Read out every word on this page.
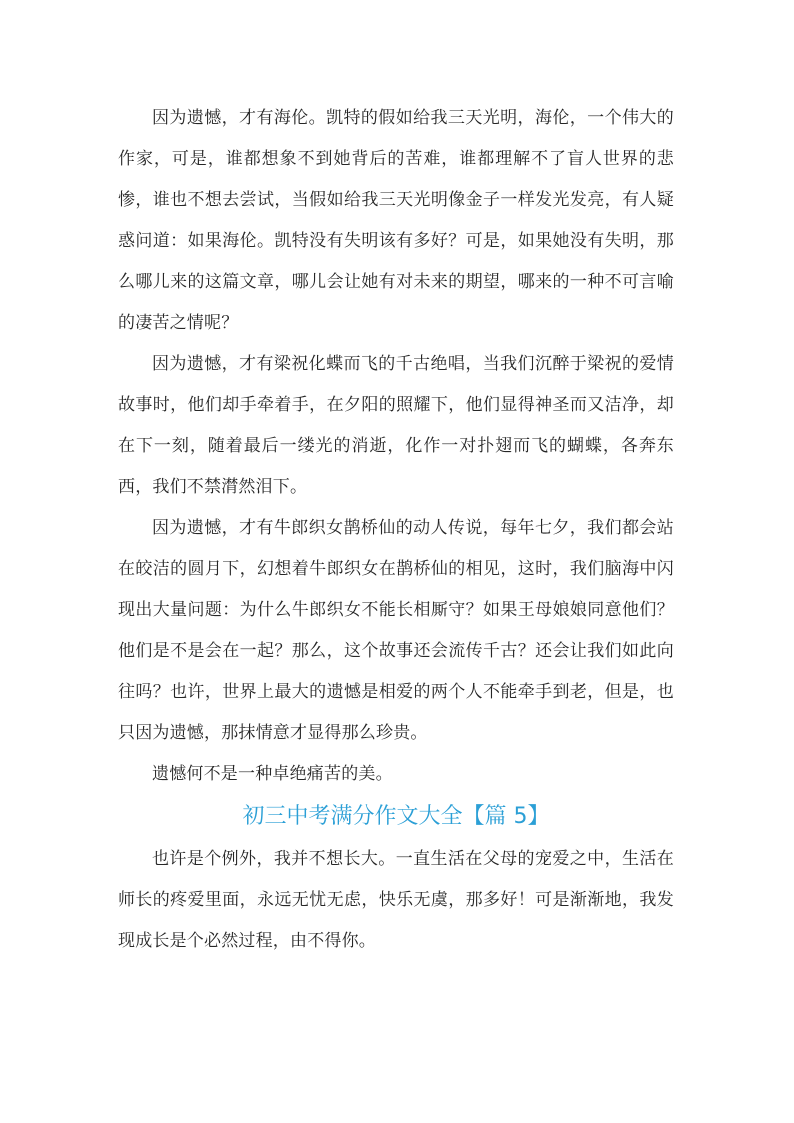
因为遗憾，才有海伦。凯特的假如给我三天光明，海伦，一个伟大的作家，可是，谁都想象不到她背后的苦难，谁都理解不了盲人世界的悲惨，谁也不想去尝试，当假如给我三天光明像金子一样发光发亮，有人疑惑问道：如果海伦。凯特没有失明该有多好？可是，如果她没有失明，那么哪儿来的这篇文章，哪儿会让她有对未来的期望，哪来的一种不可言喻的凄苦之情呢？

因为遗憾，才有梁祝化蝶而飞的千古绝唱，当我们沉醉于梁祝的爱情故事时，他们却手牵着手，在夕阳的照耀下，他们显得神圣而又洁净，却在下一刻，随着最后一缕光的消逝，化作一对扑翅而飞的蝴蝶，各奔东西，我们不禁潸然泪下。

因为遗憾，才有牛郎织女鹊桥仙的动人传说，每年七夕，我们都会站在皎洁的圆月下，幻想着牛郎织女在鹊桥仙的相见，这时，我们脑海中闪现出大量问题：为什么牛郎织女不能长相厮守？如果王母娘娘同意他们？他们是不是会在一起？那么，这个故事还会流传千古？还会让我们如此向往吗？也许，世界上最大的遗憾是相爱的两个人不能牵手到老，但是，也只因为遗憾，那抹情意才显得那么珍贵。

遗憾何不是一种卓绝痛苦的美。

初三中考满分作文大全【篇 5】

也许是个例外，我并不想长大。一直生活在父母的宠爱之中，生活在师长的疼爱里面，永远无忧无虑，快乐无虞，那多好！可是渐渐地，我发现成长是个必然过程，由不得你。
